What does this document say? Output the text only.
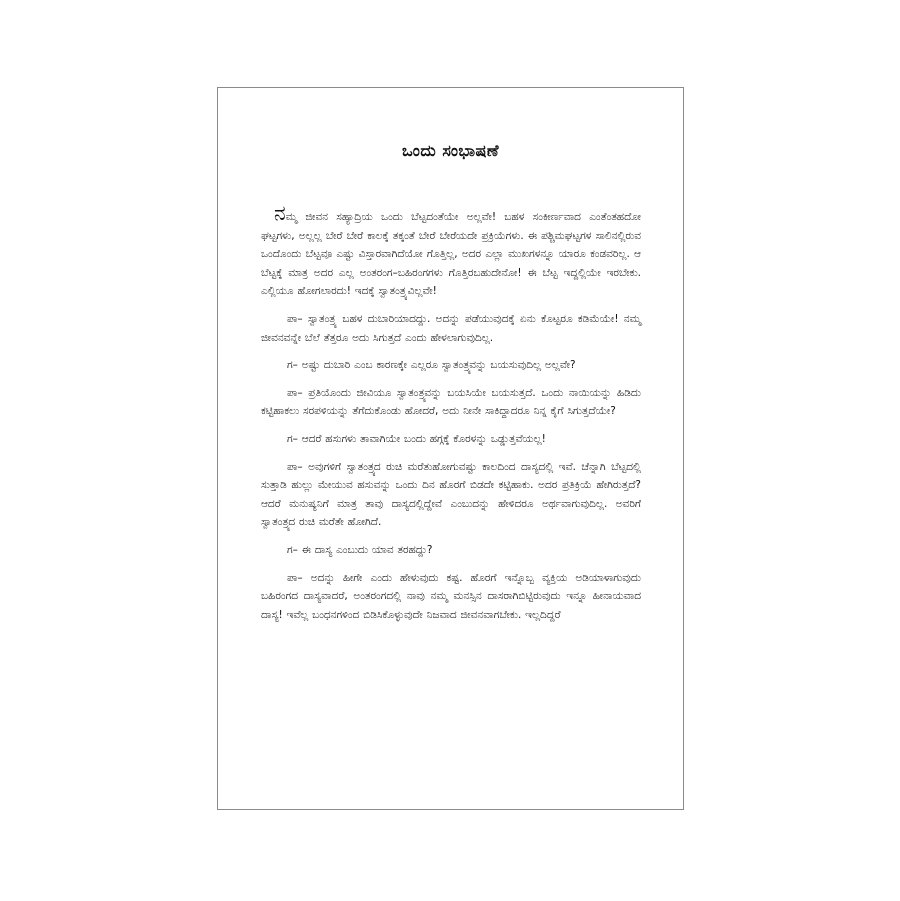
ಒಂದು ಸಂಭಾಷಣೆ

ನಮ್ಮ ಜೀವನ ಸಹ್ಯಾದ್ರಿಯ ಒಂದು ಬೆಟ್ಟದಂತೆಯೇ ಅಲ್ಲವೇ! ಬಹಳ ಸಂಕೀರ್ಣವಾದ ಎಂತೆಂತಹದೋ ಘಟ್ಟಗಳು, ಅಲ್ಲಲ್ಲ ಬೇರೆ ಬೇರೆ ಕಾಲಕ್ಕೆ ತಕ್ಕಂತೆ ಬೇರೆ ಬೇರೆಯದೇ ಪ್ರಕ್ರಿಯೆಗಳು. ಈ ಪಶ್ಚಿಮಘಟ್ಟಗಳ ಸಾಲಿನಲ್ಲಿರುವ ಒಂದೊಂದು ಬೆಟ್ಟವೂ ಎಷ್ಟು ವಿಸ್ತಾರವಾಗಿದೆಯೋ ಗೊತ್ತಿಲ್ಲ, ಅದರ ಎಲ್ಲಾ ಮುಖಗಳನ್ನೂ ಯಾರೂ ಕಂಡವರಿಲ್ಲ. ಆ ಬೆಟ್ಟಕ್ಕೆ ಮಾತ್ರ ಅದರ ಎಲ್ಲ ಅಂತರಂಗ–ಬಹಿರಂಗಗಳು ಗೊತ್ತಿರಬಹುದೇನೋ! ಈ ಬೆಟ್ಟ ಇದ್ದಲ್ಲಿಯೇ ಇರಬೇಕು. ಎಲ್ಲಿಯೂ ಹೋಗಲಾರದು! ಇದಕ್ಕೆ ಸ್ವಾತಂತ್ರ್ಯವಿಲ್ಲವೇ!

ಪಾ– ಸ್ವಾತಂತ್ರ್ಯ ಬಹಳ ದುಬಾರಿಯಾದದ್ದು. ಅದನ್ನು ಪಡೆಯುವುದಕ್ಕೆ ಏನು ಕೊಟ್ಟರೂ ಕಡಿಮೆಯೇ! ನಮ್ಮ ಜೀವನವನ್ನೇ ಬೆಲೆ ತೆತ್ತರೂ ಅದು ಸಿಗುತ್ತದೆ ಎಂದು ಹೇಳಲಾಗುವುದಿಲ್ಲ.

ಗ– ಅಷ್ಟು ದುಬಾರಿ ಎಂಬ ಕಾರಣಕ್ಕೇ ಎಲ್ಲರೂ ಸ್ವಾತಂತ್ರ್ಯವನ್ನು ಬಯಸುವುದಿಲ್ಲ ಅಲ್ಲವೇ?

ಪಾ– ಪ್ರತಿಯೊಂದು ಜೀವಿಯೂ ಸ್ವಾತಂತ್ರ್ಯವನ್ನು ಬಯಸಿಯೇ ಬಯಸುತ್ತದೆ. ಒಂದು ನಾಯಿಯನ್ನು ಹಿಡಿದು ಕಟ್ಟಿಹಾಕಲು ಸರಪಳಿಯನ್ನು ತೆಗೆದುಕೊಂಡು ಹೋದರೆ, ಅದು ನೀನೇ ಸಾಕಿದ್ದಾದರೂ ನಿನ್ನ ಕೈಗೆ ಸಿಗುತ್ತದೆಯೇ?

ಗ– ಆದರೆ ಹಸುಗಳು ತಾವಾಗಿಯೇ ಬಂದು ಹಗ್ಗಕ್ಕೆ ಕೊರಳನ್ನು ಒಡ್ಡುತ್ತವೆಯಲ್ಲ!

ಪಾ– ಅವುಗಳಿಗೆ ಸ್ವಾತಂತ್ರ್ಯದ ರುಚಿ ಮರೆತುಹೋಗುವಷ್ಟು ಕಾಲದಿಂದ ದಾಸ್ಯದಲ್ಲಿ ಇವೆ. ಚೆನ್ನಾಗಿ ಬೆಟ್ಟದಲ್ಲಿ ಸುತ್ತಾಡಿ ಹುಲ್ಲು ಮೇಯುವ ಹಸುವನ್ನು ಒಂದು ದಿನ ಹೊರಗೆ ಬಿಡದೇ ಕಟ್ಟಿಹಾಕು. ಅದರ ಪ್ರತಿಕ್ರಿಯೆ ಹೇಗಿರುತ್ತದೆ? ಆದರೆ ಮನುಷ್ಯನಿಗೆ ಮಾತ್ರ ತಾವು ದಾಸ್ಯದಲ್ಲಿದ್ದೇವೆ ಎಂಬುದನ್ನು ಹೇಳಿದರೂ ಅರ್ಥವಾಗುವುದಿಲ್ಲ. ಅವರಿಗೆ ಸ್ವಾತಂತ್ರ್ಯದ ರುಚಿ ಮರೆತೇ ಹೋಗಿದೆ.

ಗ– ಈ ದಾಸ್ಯ ಎಂಬುದು ಯಾವ ತರಹದ್ದು?

ಪಾ– ಅದನ್ನು ಹೀಗೇ ಎಂದು ಹೇಳುವುದು ಕಷ್ಟ. ಹೊರಗೆ ಇನ್ನೊಬ್ಬ ವ್ಯಕ್ತಿಯ ಅಡಿಯಾಳಾಗುವುದು ಬಹಿರಂಗದ ದಾಸ್ಯವಾದರೆ, ಅಂತರಂಗದಲ್ಲಿ ನಾವು ನಮ್ಮ ಮನಸ್ಸಿನ ದಾಸರಾಗಿಬಿಟ್ಟಿರುವುದು ಇನ್ನೂ ಹೀನಾಯವಾದ ದಾಸ್ಯ! ಇವೆಲ್ಲ ಬಂಧನಗಳಿಂದ ಬಿಡಿಸಿಕೊಳ್ಳುವುದೇ ನಿಜವಾದ ಜೀವನವಾಗಬೇಕು. ಇಲ್ಲದಿದ್ದರೆ
